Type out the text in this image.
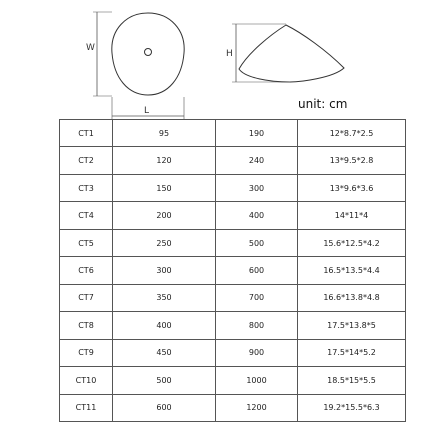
W
L
H
unit: cm
CT1	95	190	12*8.7*2.5
CT2	120	240	13*9.5*2.8
CT3	150	300	13*9.6*3.6
CT4	200	400	14*11*4
CT5	250	500	15.6*12.5*4.2
CT6	300	600	16.5*13.5*4.4
CT7	350	700	16.6*13.8*4.8
CT8	400	800	17.5*13.8*5
CT9	450	900	17.5*14*5.2
CT10	500	1000	18.5*15*5.5
CT11	600	1200	19.2*15.5*6.3
